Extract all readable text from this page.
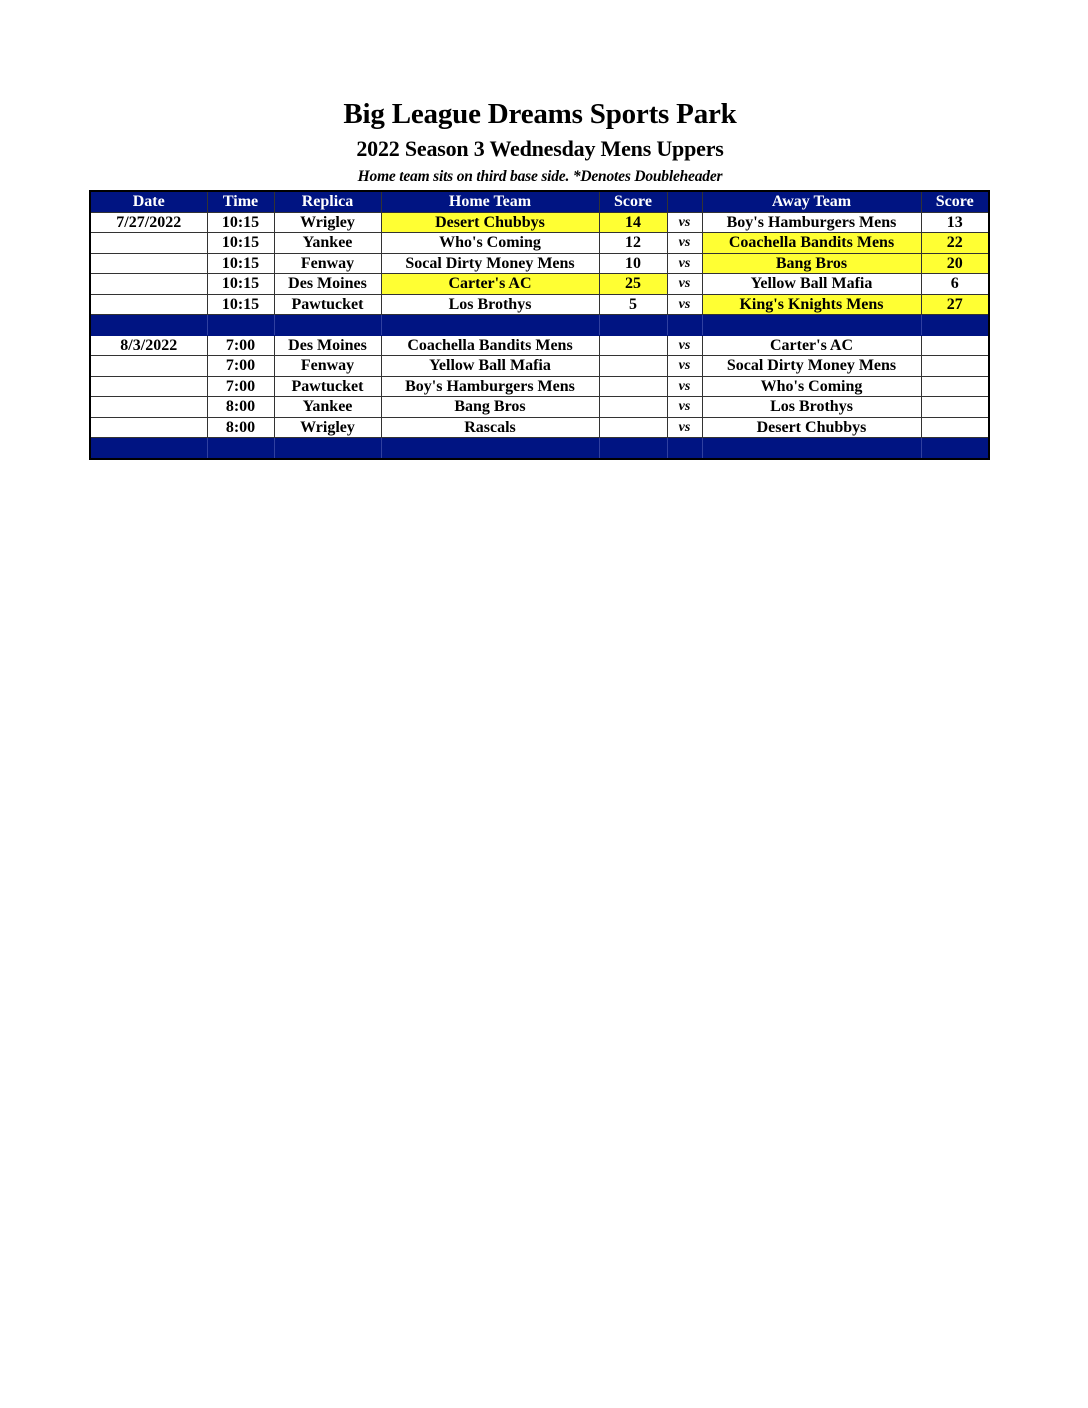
Big League Dreams Sports Park
2022 Season 3 Wednesday Mens Uppers
Home team sits on third base side. *Denotes Doubleheader
Date	Time	Replica	Home Team	Score		Away Team	Score
7/27/2022	10:15	Wrigley	Desert Chubbys	14	vs	Boy's Hamburgers Mens	13
	10:15	Yankee	Who's Coming	12	vs	Coachella Bandits Mens	22
	10:15	Fenway	Socal Dirty Money Mens	10	vs	Bang Bros	20
	10:15	Des Moines	Carter's AC	25	vs	Yellow Ball Mafia	6
	10:15	Pawtucket	Los Brothys	5	vs	King's Knights Mens	27

8/3/2022	7:00	Des Moines	Coachella Bandits Mens		vs	Carter's AC	
	7:00	Fenway	Yellow Ball Mafia		vs	Socal Dirty Money Mens	
	7:00	Pawtucket	Boy's Hamburgers Mens		vs	Who's Coming	
	8:00	Yankee	Bang Bros		vs	Los Brothys	
	8:00	Wrigley	Rascals		vs	Desert Chubbys	
